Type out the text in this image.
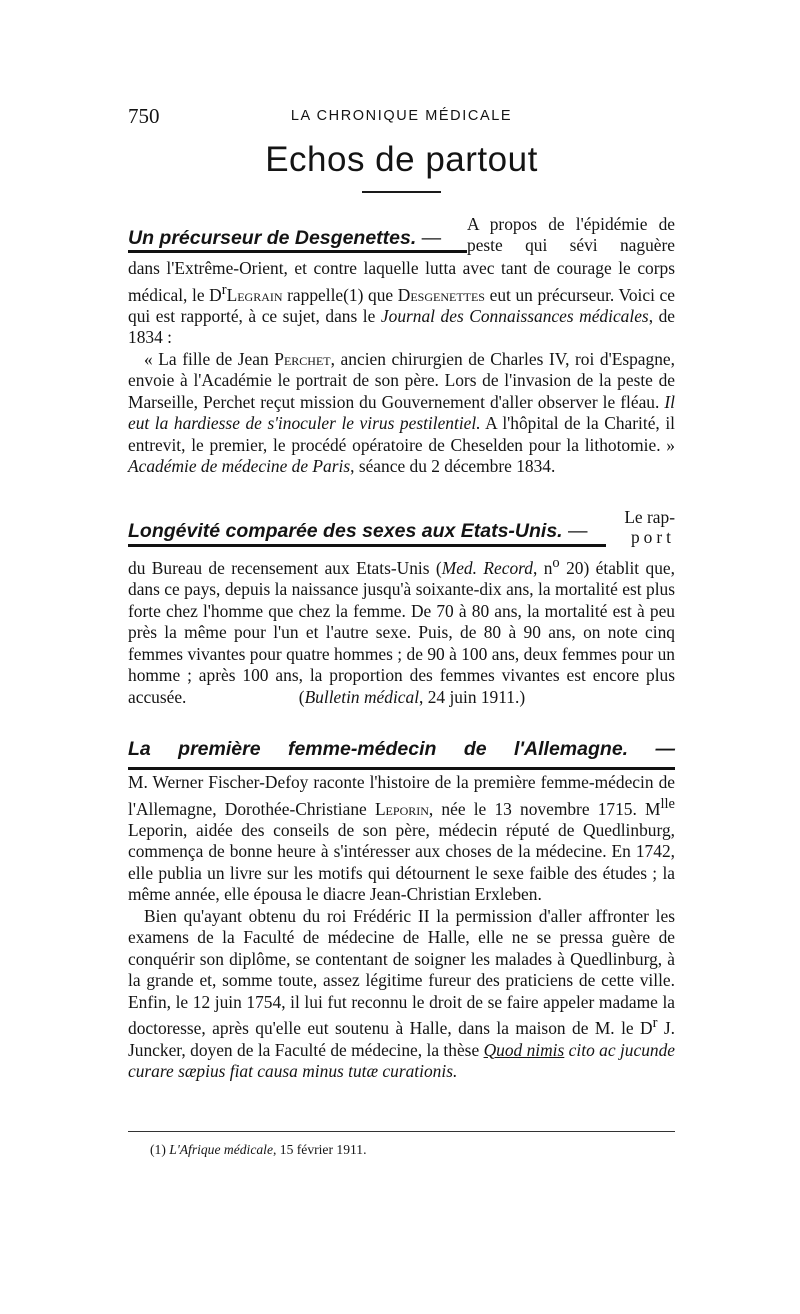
750	LA CHRONIQUE MÉDICALE
Echos de partout
Un précurseur de Desgenettes. —
A propos de l'épidémie de
peste qui sévi naguère

dans l'Extrême-Orient, et contre laquelle lutta avec tant de courage le corps médical, le $D^rLegrain$ rappelle(1) que Desgenettes eut un précurseur. Voici ce qui est rapporté, à ce sujet, dans le Journal des Connaissances médicales, de 1834 :

« La fille de Jean Perchet, ancien chirurgien de Charles IV, roi d'Espagne, envoie à l'Académie le portrait de son père. Lors de l'invasion de la peste de Marseille, Perchet reçut mission du Gouvernement d'aller observer le fléau. Il eut la hardiesse de s'inoculer le virus pestilentiel. A l'hôpital de la Charité, il entrevit, le premier, le procédé opératoire de Cheselden pour la lithotomie. » Académie de médecine de Paris, séance du 2 décembre 1834.

Longévité comparée des sexes aux Etats-Unis. —
Le rap-
port

du Bureau de recensement aux Etats-Unis (Med. Record, $n^o$ 20) établit que, dans ce pays, depuis la naissance jusqu'à soixante-dix ans, la mortalité est plus forte chez l'homme que chez la femme. De 70 à 80 ans, la mortalité est à peu près la même pour l'un et l'autre sexe. Puis, de 80 à 90 ans, on note cinq femmes vivantes pour quatre hommes ; de 90 à 100 ans, deux femmes pour un homme ; après 100 ans, la proportion des femmes vivantes est encore plus accusée.	(Bulletin médical, 24 juin 1911.)

La première femme-médecin de l'Allemagne. —

M. Werner Fischer-Defoy raconte l'histoire de la première femme-médecin de l'Allemagne, Dorothée-Christiane Leporin, née le 13 novembre 1715. $M^{lle}$ Leporin, aidée des conseils de son père, médecin réputé de Quedlinburg, commença de bonne heure à s'intéresser aux choses de la médecine. En 1742, elle publia un livre sur les motifs qui détournent le sexe faible des études ; la même année, elle épousa le diacre Jean-Christian Erxleben.

Bien qu'ayant obtenu du roi Frédéric II la permission d'aller affronter les examens de la Faculté de médecine de Halle, elle ne se pressa guère de conquérir son diplôme, se contentant de soigner les malades à Quedlinburg, à la grande et, somme toute, assez légitime fureur des praticiens de cette ville. Enfin, le 12 juin 1754, il lui fut reconnu le droit de se faire appeler madame la doctoresse, après qu'elle eut soutenu à Halle, dans la maison de M. le $D^r$ J. Juncker, doyen de la Faculté de médecine, la thèse Quod nimis cito ac jucunde curare sæpius fiat causa minus tutæ curationis.

(1) L'Afrique médicale, 15 février 1911.
